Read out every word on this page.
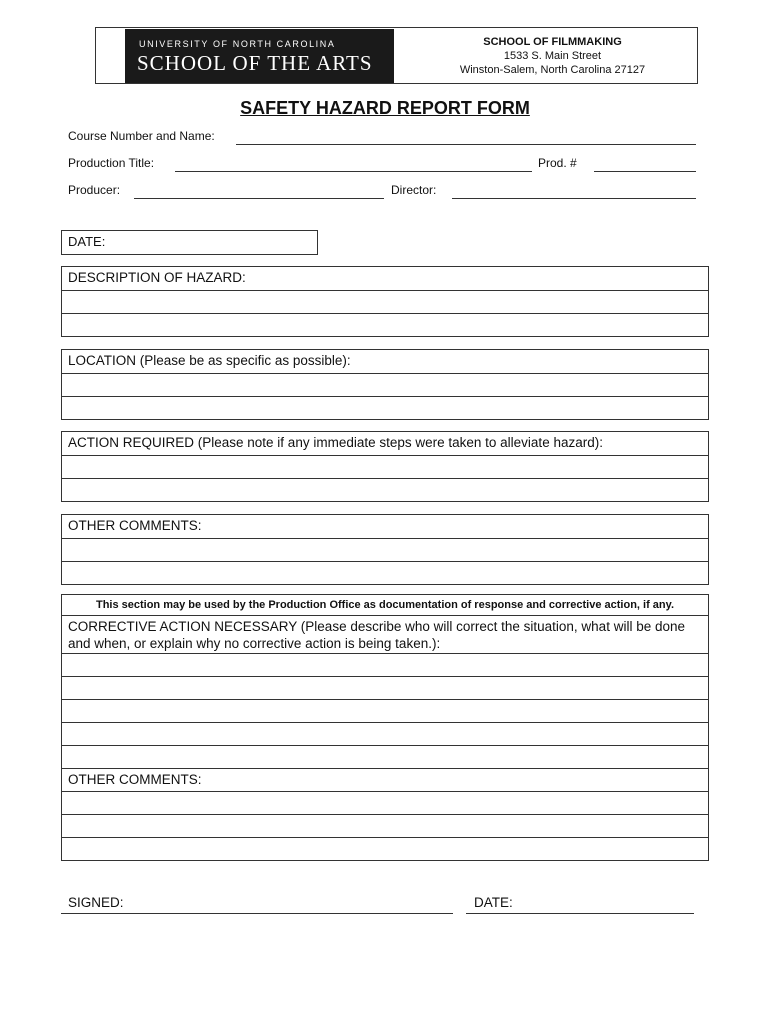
UNIVERSITY OF NORTH CAROLINA
SCHOOL OF THE ARTS
SCHOOL OF FILMMAKING
1533 S. Main Street
Winston-Salem, North Carolina 27127
SAFETY HAZARD REPORT FORM
Course Number and Name:
Production Title:	Prod. #
Producer:	Director:
DATE:
DESCRIPTION OF HAZARD:
LOCATION (Please be as specific as possible):
ACTION REQUIRED (Please note if any immediate steps were taken to alleviate hazard):
OTHER COMMENTS:
This section may be used by the Production Office as documentation of response and corrective action, if any.
CORRECTIVE ACTION NECESSARY (Please describe who will correct the situation, what will be done and when, or explain why no corrective action is being taken.):
OTHER COMMENTS:
SIGNED:	DATE:
